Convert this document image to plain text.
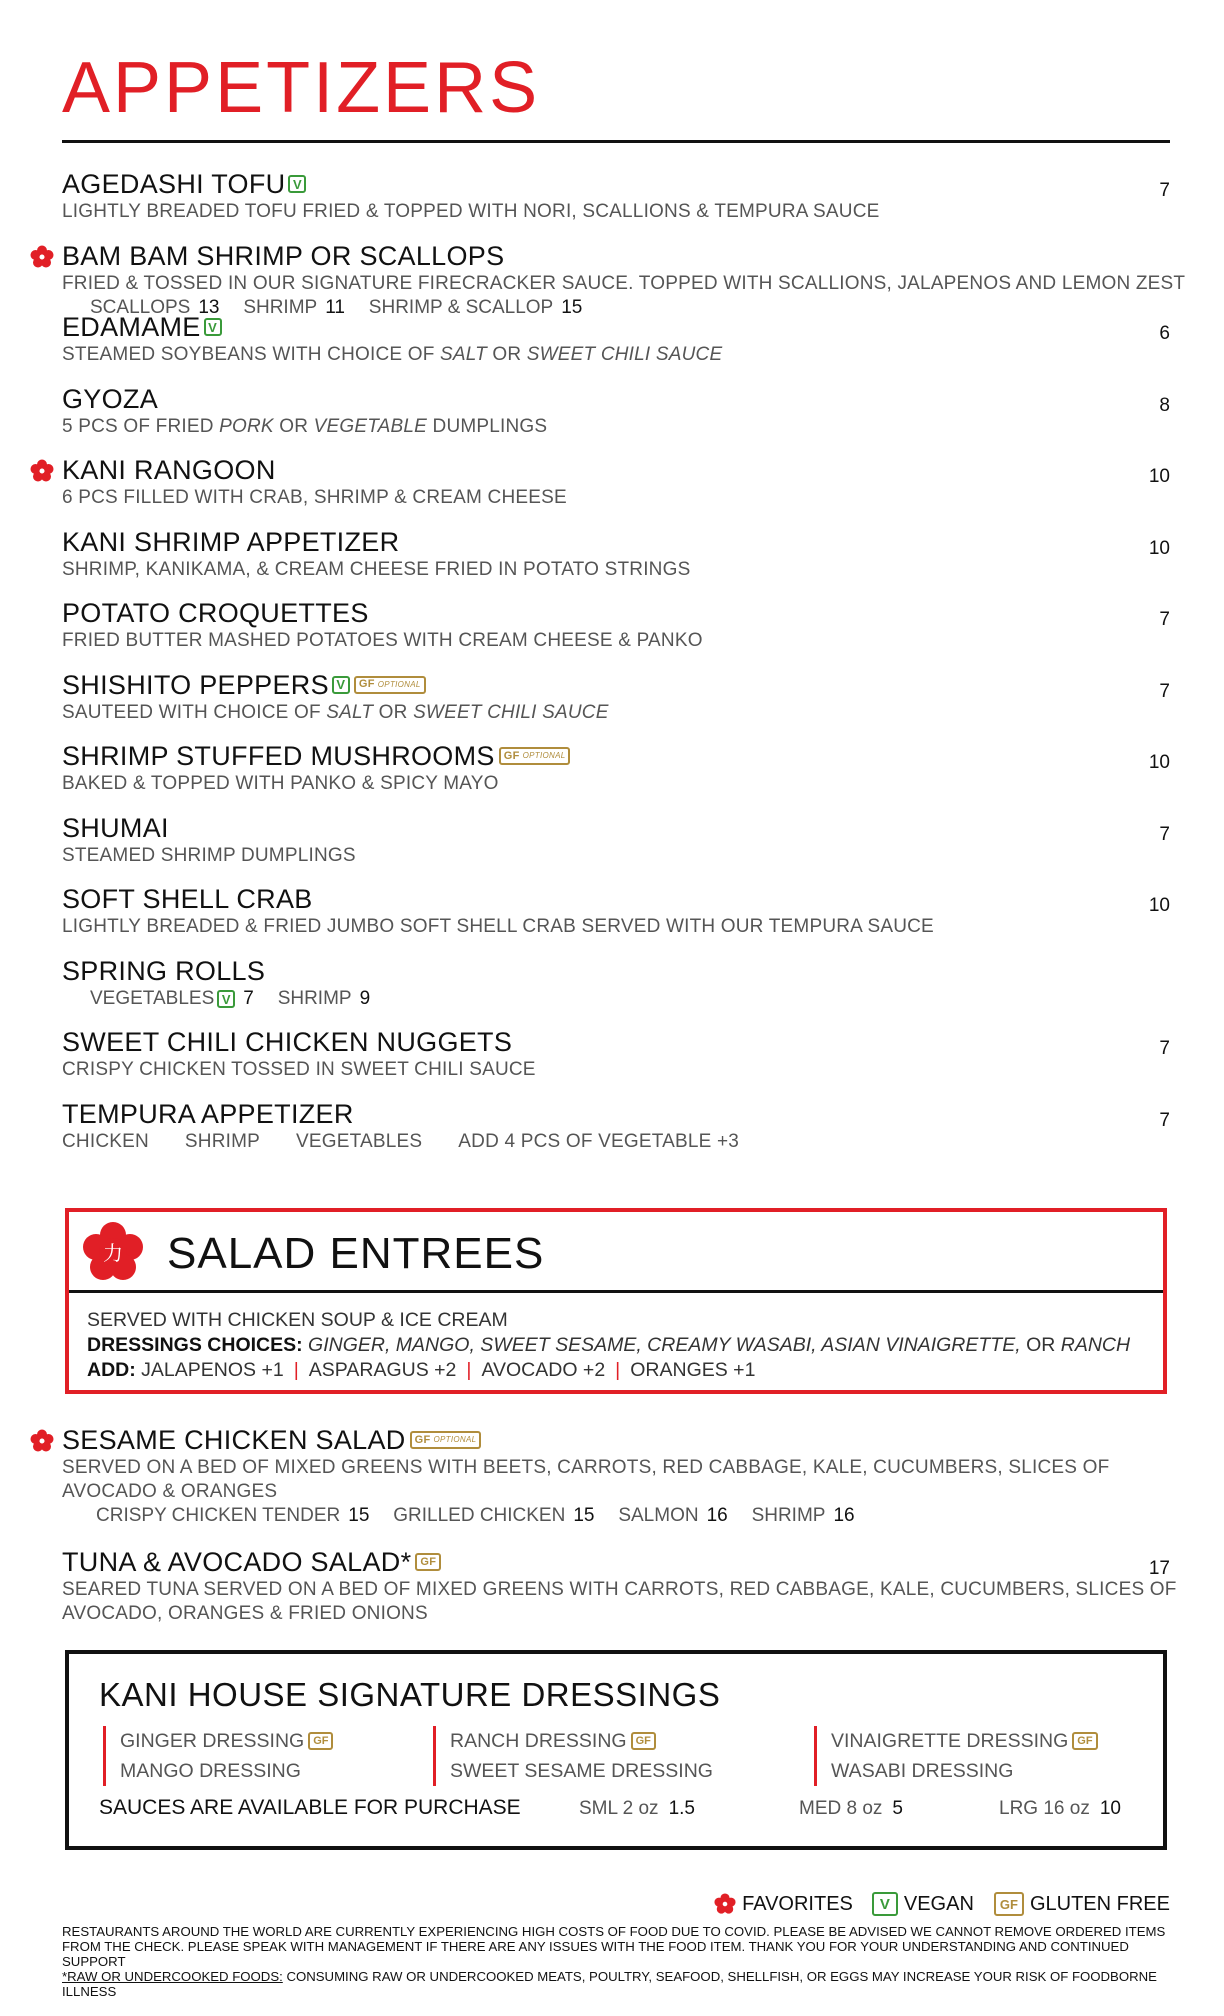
APPETIZERS
AGEDASHI TOFU V
LIGHTLY BREADED TOFU FRIED & TOPPED WITH NORI, SCALLIONS & TEMPURA SAUCE
7
BAM BAM SHRIMP OR SCALLOPS
FRIED & TOSSED IN OUR SIGNATURE FIRECRACKER SAUCE. TOPPED WITH SCALLIONS, JALAPENOS AND LEMON ZEST
SCALLOPS 13 SHRIMP 11 SHRIMP & SCALLOP 15
EDAMAME V
STEAMED SOYBEANS WITH CHOICE OF SALT OR SWEET CHILI SAUCE
6
GYOZA
5 PCS OF FRIED PORK OR VEGETABLE DUMPLINGS
8
KANI RANGOON
6 PCS FILLED WITH CRAB, SHRIMP & CREAM CHEESE
10
KANI SHRIMP APPETIZER
SHRIMP, KANIKAMA, & CREAM CHEESE FRIED IN POTATO STRINGS
10
POTATO CROQUETTES
FRIED BUTTER MASHED POTATOES WITH CREAM CHEESE & PANKO
7
SHISHITO PEPPERS V	GF OPTIONAL
SAUTEED WITH CHOICE OF SALT OR SWEET CHILI SAUCE
7
SHRIMP STUFFED MUSHROOMS GF OPTIONAL
BAKED & TOPPED WITH PANKO & SPICY MAYO
10
SHUMAI
STEAMED SHRIMP DUMPLINGS
7
SOFT SHELL CRAB
LIGHTLY BREADED & FRIED JUMBO SOFT SHELL CRAB SERVED WITH OUR TEMPURA SAUCE
10
SPRING ROLLS
VEGETABLES V 7 SHRIMP 9
SWEET CHILI CHICKEN NUGGETS
CRISPY CHICKEN TOSSED IN SWEET CHILI SAUCE
7
TEMPURA APPETIZER
CHICKEN SHRIMP VEGETABLES ADD 4 PCS OF VEGETABLE +3
7
力 SALAD ENTREES
SERVED WITH CHICKEN SOUP & ICE CREAM
DRESSINGS CHOICES: GINGER, MANGO, SWEET SESAME, CREAMY WASABI, ASIAN VINAIGRETTE, OR RANCH
ADD: JALAPENOS +1 | ASPARAGUS +2 | AVOCADO +2 | ORANGES +1
SESAME CHICKEN SALAD GF OPTIONAL
SERVED ON A BED OF MIXED GREENS WITH BEETS, CARROTS, RED CABBAGE, KALE, CUCUMBERS, SLICES OF
AVOCADO & ORANGES
CRISPY CHICKEN TENDER 15 GRILLED CHICKEN 15 SALMON 16 SHRIMP 16
TUNA & AVOCADO SALAD* GF
SEARED TUNA SERVED ON A BED OF MIXED GREENS WITH CARROTS, RED CABBAGE, KALE, CUCUMBERS, SLICES OF
AVOCADO, ORANGES & FRIED ONIONS
17
KANI HOUSE SIGNATURE DRESSINGS
GINGER DRESSING GF
MANGO DRESSING
RANCH DRESSING GF
SWEET SESAME DRESSING
VINAIGRETTE DRESSING GF
WASABI DRESSING
SAUCES ARE AVAILABLE FOR PURCHASE	SML 2 oz 1.5	MED 8 oz 5	LRG 16 oz 10
FAVORITES	V VEGAN	GF GLUTEN FREE
RESTAURANTS AROUND THE WORLD ARE CURRENTLY EXPERIENCING HIGH COSTS OF FOOD DUE TO COVID. PLEASE BE ADVISED WE CANNOT REMOVE ORDERED ITEMS FROM THE CHECK. PLEASE SPEAK WITH MANAGEMENT IF THERE ARE ANY ISSUES WITH THE FOOD ITEM. THANK YOU FOR YOUR UNDERSTANDING AND CONTINUED SUPPORT
*RAW OR UNDERCOOKED FOODS: CONSUMING RAW OR UNDERCOOKED MEATS, POULTRY, SEAFOOD, SHELLFISH, OR EGGS MAY INCREASE YOUR RISK OF FOODBORNE ILLNESS
